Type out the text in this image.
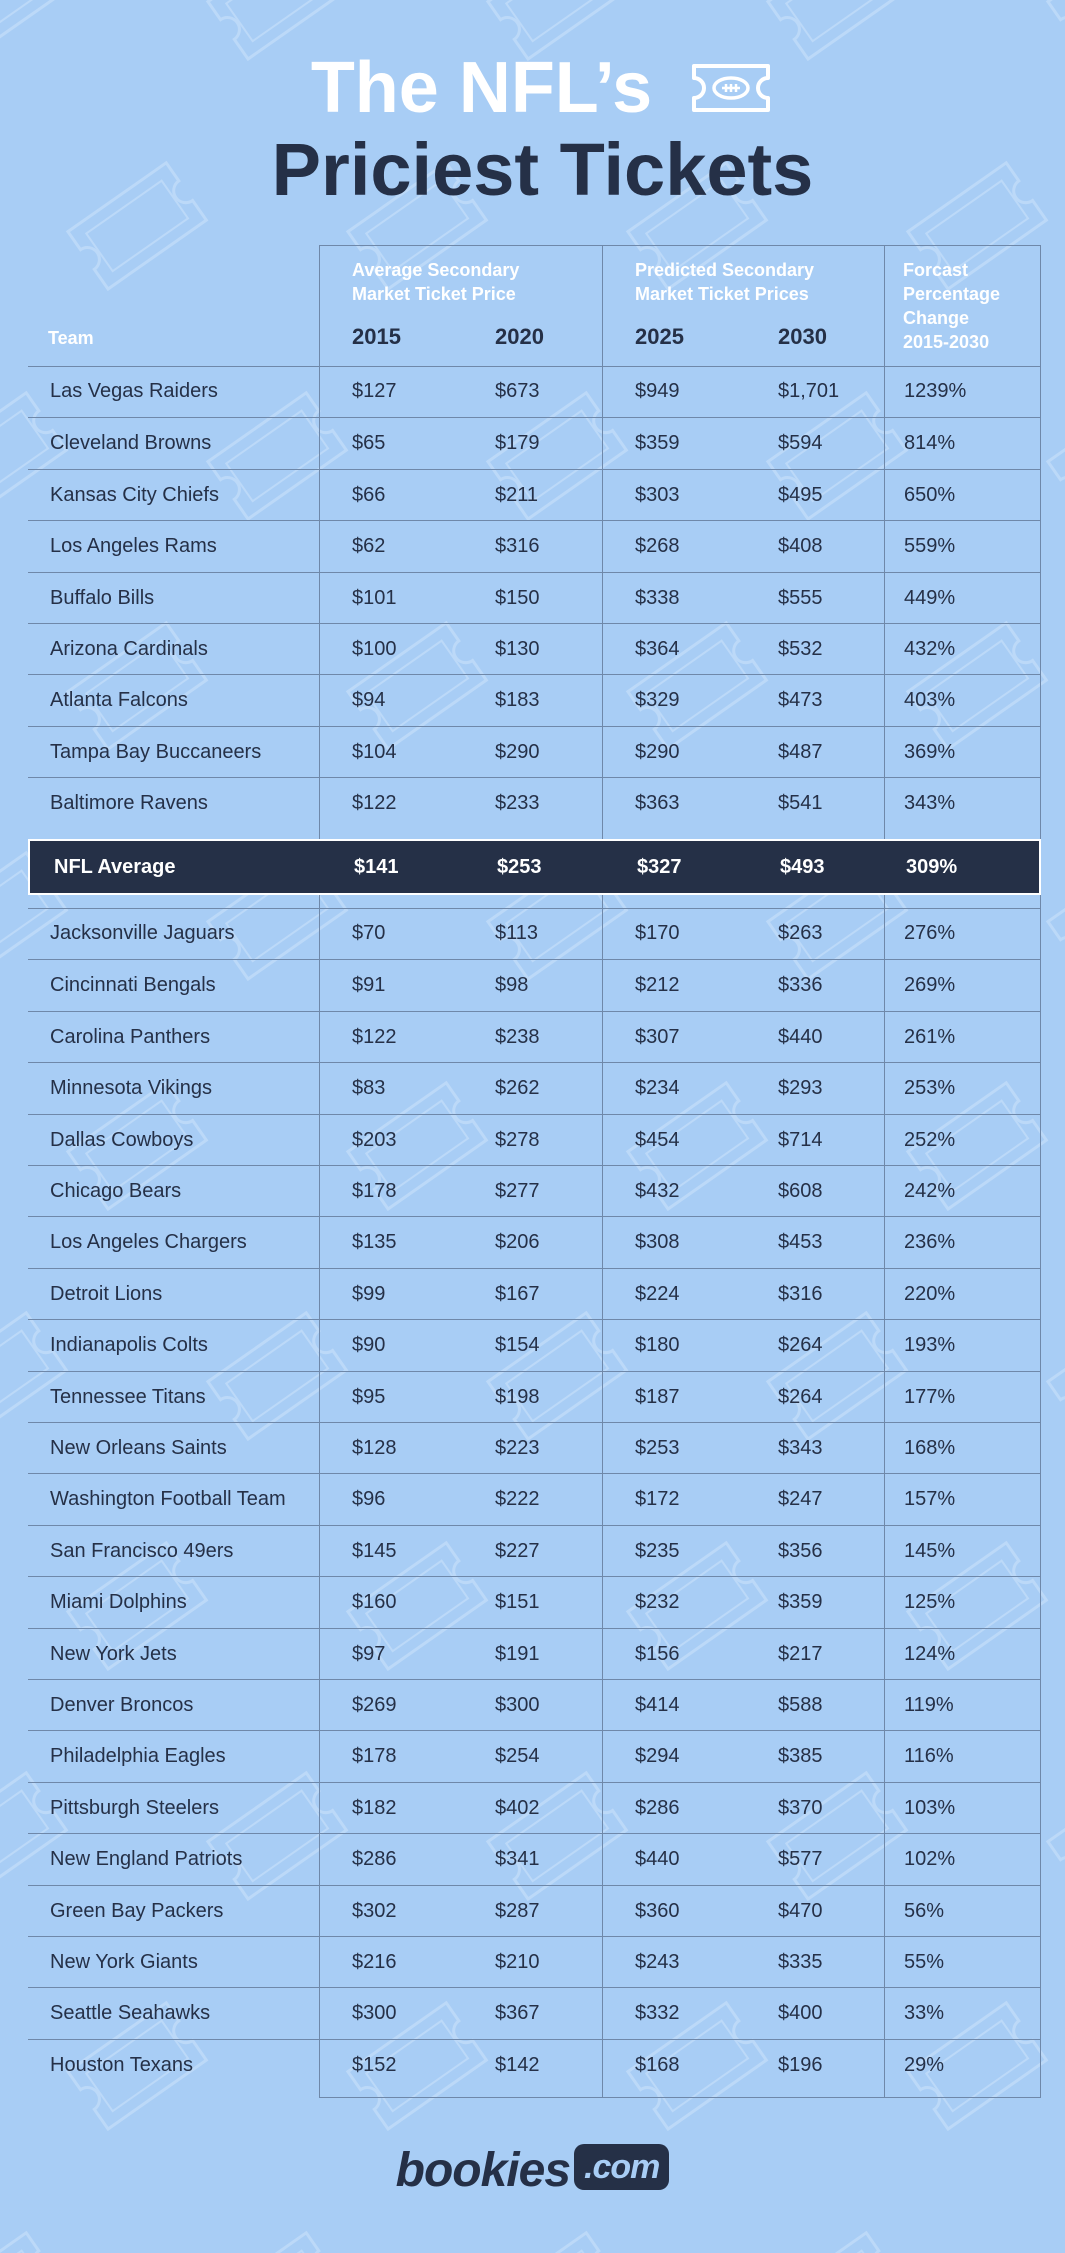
The NFL’s
Priciest Tickets
Team
Average Secondary
Market Ticket Price
Predicted Secondary
Market Ticket Prices
Forcast
Percentage
Change
2015-2030
2015	2020	2025	2030
Las Vegas Raiders	$127	$673	$949	$1,701	1239%
Cleveland Browns	$65	$179	$359	$594	814%
Kansas City Chiefs	$66	$211	$303	$495	650%
Los Angeles Rams	$62	$316	$268	$408	559%
Buffalo Bills	$101	$150	$338	$555	449%
Arizona Cardinals	$100	$130	$364	$532	432%
Atlanta Falcons	$94	$183	$329	$473	403%
Tampa Bay Buccaneers	$104	$290	$290	$487	369%
Baltimore Ravens	$122	$233	$363	$541	343%
NFL Average	$141	$253	$327	$493	309%
Jacksonville Jaguars	$70	$113	$170	$263	276%
Cincinnati Bengals	$91	$98	$212	$336	269%
Carolina Panthers	$122	$238	$307	$440	261%
Minnesota Vikings	$83	$262	$234	$293	253%
Dallas Cowboys	$203	$278	$454	$714	252%
Chicago Bears	$178	$277	$432	$608	242%
Los Angeles Chargers	$135	$206	$308	$453	236%
Detroit Lions	$99	$167	$224	$316	220%
Indianapolis Colts	$90	$154	$180	$264	193%
Tennessee Titans	$95	$198	$187	$264	177%
New Orleans Saints	$128	$223	$253	$343	168%
Washington Football Team	$96	$222	$172	$247	157%
San Francisco 49ers	$145	$227	$235	$356	145%
Miami Dolphins	$160	$151	$232	$359	125%
New York Jets	$97	$191	$156	$217	124%
Denver Broncos	$269	$300	$414	$588	119%
Philadelphia Eagles	$178	$254	$294	$385	116%
Pittsburgh Steelers	$182	$402	$286	$370	103%
New England Patriots	$286	$341	$440	$577	102%
Green Bay Packers	$302	$287	$360	$470	56%
New York Giants	$216	$210	$243	$335	55%
Seattle Seahawks	$300	$367	$332	$400	33%
Houston Texans	$152	$142	$168	$196	29%
bookies .com
